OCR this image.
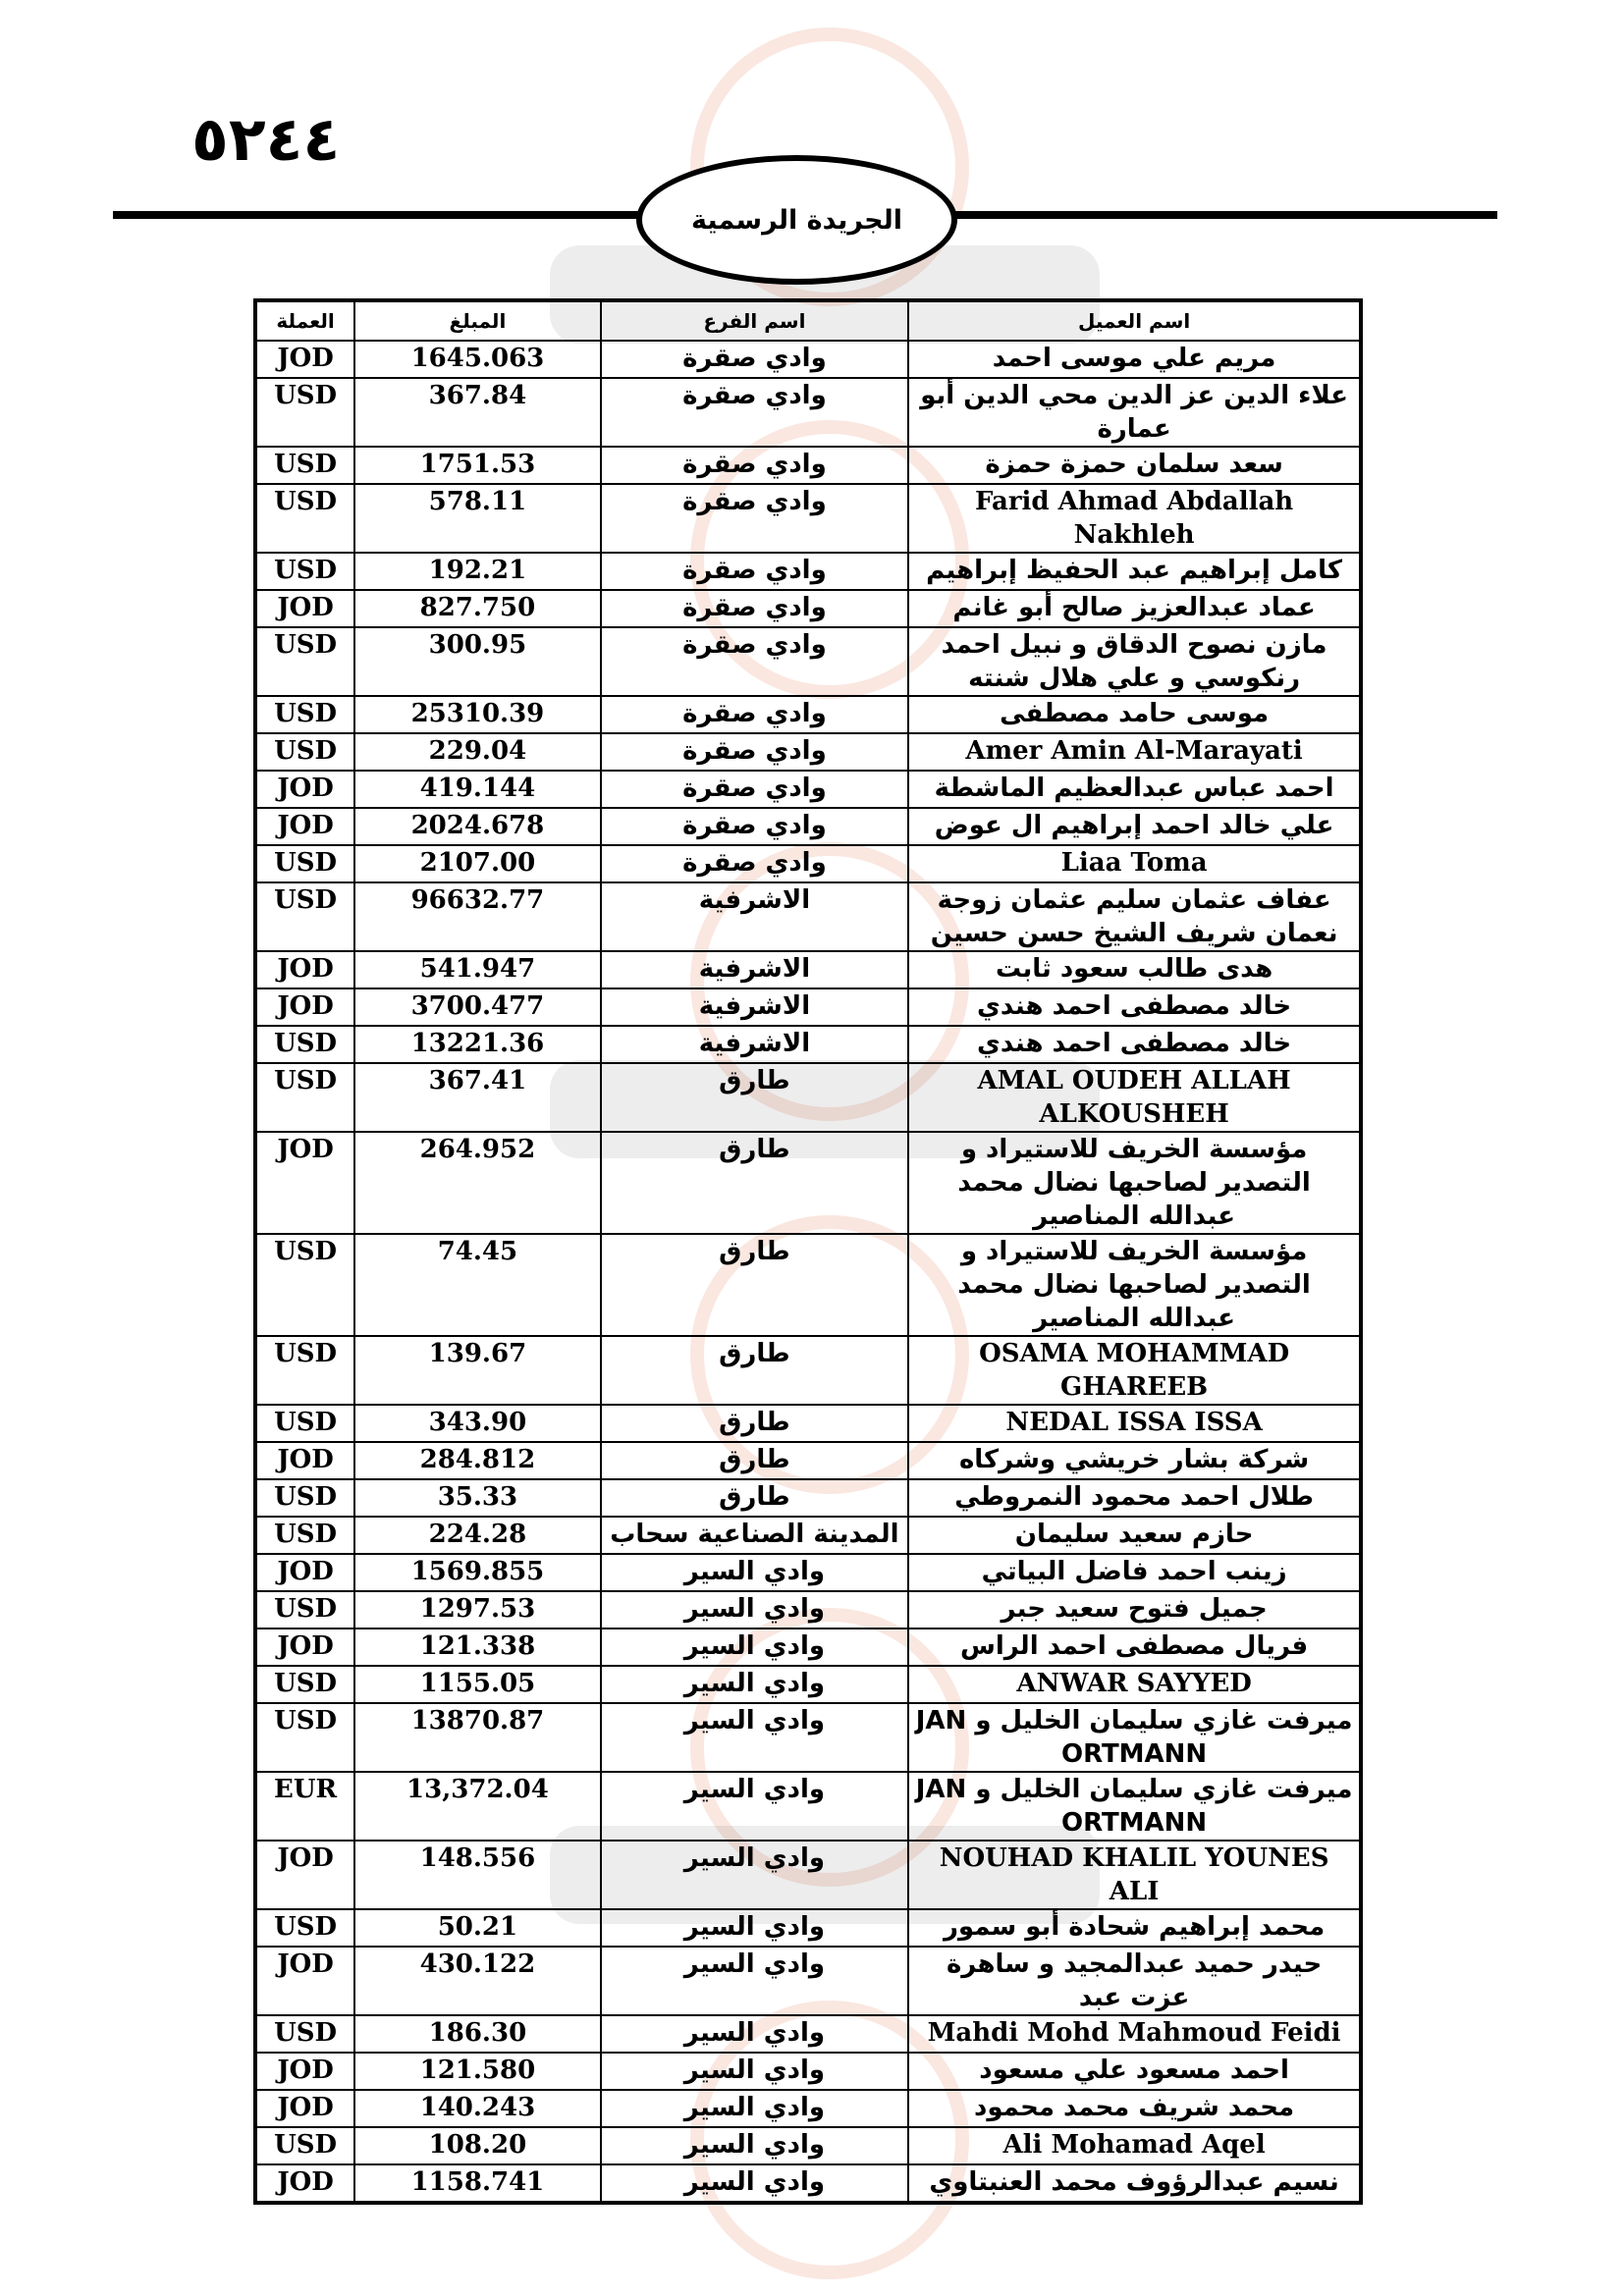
٥٢٤٤
الجريدة الرسمية
اسم العميل	اسم الفرع	المبلغ	العملة
مريم علي موسى احمد	وادي صقرة	1645.063	JOD
علاء الدين عز الدين محي الدين أبو عمارة	وادي صقرة	367.84	USD
سعد سلمان حمزة حمزة	وادي صقرة	1751.53	USD
Farid Ahmad Abdallah Nakhleh	وادي صقرة	578.11	USD
كامل إبراهيم عبد الحفيظ إبراهيم	وادي صقرة	192.21	USD
عماد عبدالعزيز صالح أبو غانم	وادي صقرة	827.750	JOD
مازن نصوح الدقاق و نبيل احمد رنكوسي و علي هلال شنته	وادي صقرة	300.95	USD
موسى حامد مصطفى	وادي صقرة	25310.39	USD
Amer Amin Al-Marayati	وادي صقرة	229.04	USD
احمد عباس عبدالعظيم الماشطة	وادي صقرة	419.144	JOD
علي خالد احمد إبراهيم ال عوض	وادي صقرة	2024.678	JOD
Liaa Toma	وادي صقرة	2107.00	USD
عفاف عثمان سليم عثمان زوجة نعمان شريف الشيخ حسن حسين	الاشرفية	96632.77	USD
هدى طالب سعود ثابت	الاشرفية	541.947	JOD
خالد مصطفى احمد هندي	الاشرفية	3700.477	JOD
خالد مصطفى احمد هندي	الاشرفية	13221.36	USD
AMAL OUDEH ALLAH ALKOUSHEH	طارق	367.41	USD
مؤسسة الخريف للاستيراد و التصدير لصاحبها نضال محمد عبدالله المناصير	طارق	264.952	JOD
مؤسسة الخريف للاستيراد و التصدير لصاحبها نضال محمد عبدالله المناصير	طارق	74.45	USD
OSAMA MOHAMMAD GHAREEB	طارق	139.67	USD
NEDAL ISSA ISSA	طارق	343.90	USD
شركة بشار خريشي وشركاه	طارق	284.812	JOD
طلال احمد محمود النمروطي	طارق	35.33	USD
حازم سعيد سليمان	المدينة الصناعية سحاب	224.28	USD
زينب احمد فاضل البياتي	وادي السير	1569.855	JOD
جميل فتوح سعيد جبر	وادي السير	1297.53	USD
فريال مصطفى احمد الراس	وادي السير	121.338	JOD
ANWAR SAYYED	وادي السير	1155.05	USD
ميرفت غازي سليمان الخليل و JAN ORTMANN	وادي السير	13870.87	USD
ميرفت غازي سليمان الخليل و JAN ORTMANN	وادي السير	13,372.04	EUR
NOUHAD KHALIL YOUNES ALI	وادي السير	148.556	JOD
محمد إبراهيم شحادة أبو سمور	وادي السير	50.21	USD
حيدر حميد عبدالمجيد و ساهرة عزت عبد	وادي السير	430.122	JOD
Mahdi Mohd Mahmoud Feidi	وادي السير	186.30	USD
احمد مسعود علي مسعود	وادي السير	121.580	JOD
محمد شريف محمد محمود	وادي السير	140.243	JOD
Ali Mohamad Aqel	وادي السير	108.20	USD
نسيم عبدالرؤوف محمد العنبتاوي	وادي السير	1158.741	JOD
